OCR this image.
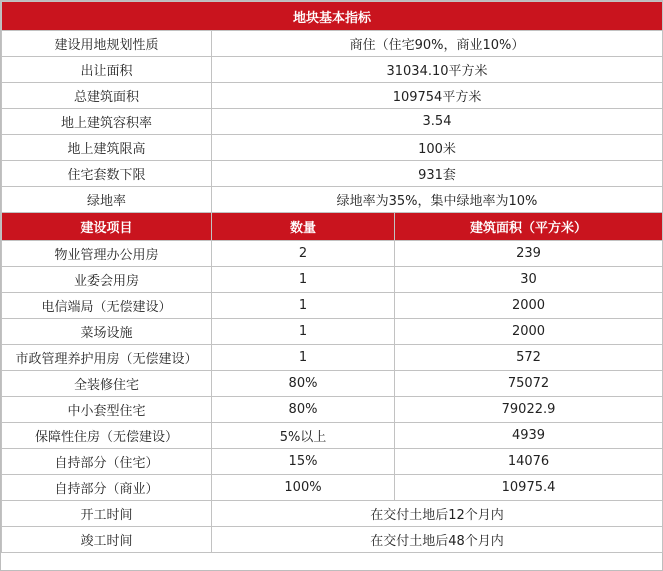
地块基本指标		
建设用地规划性质	商住（住宅90%，商业10%）	
出让面积	31034.10平方米	
总建筑面积	109754平方米	
地上建筑容积率	3.54	
地上建筑限高	100米	
住宅套数下限	931套	
绿地率	绿地率为35%，集中绿地率为10%	
建设项目	数量	建筑面积（平方米）
物业管理办公用房	2	239
业委会用房	1	30
电信端局（无偿建设）	1	2000
菜场设施	1	2000
市政管理养护用房（无偿建设）	1	572
全装修住宅	80%	75072
中小套型住宅	80%	79022.9
保障性住房（无偿建设）	5%以上	4939
自持部分（住宅）	15%	14076
自持部分（商业）	100%	10975.4
开工时间	在交付土地后12个月内	
竣工时间	在交付土地后48个月内	
